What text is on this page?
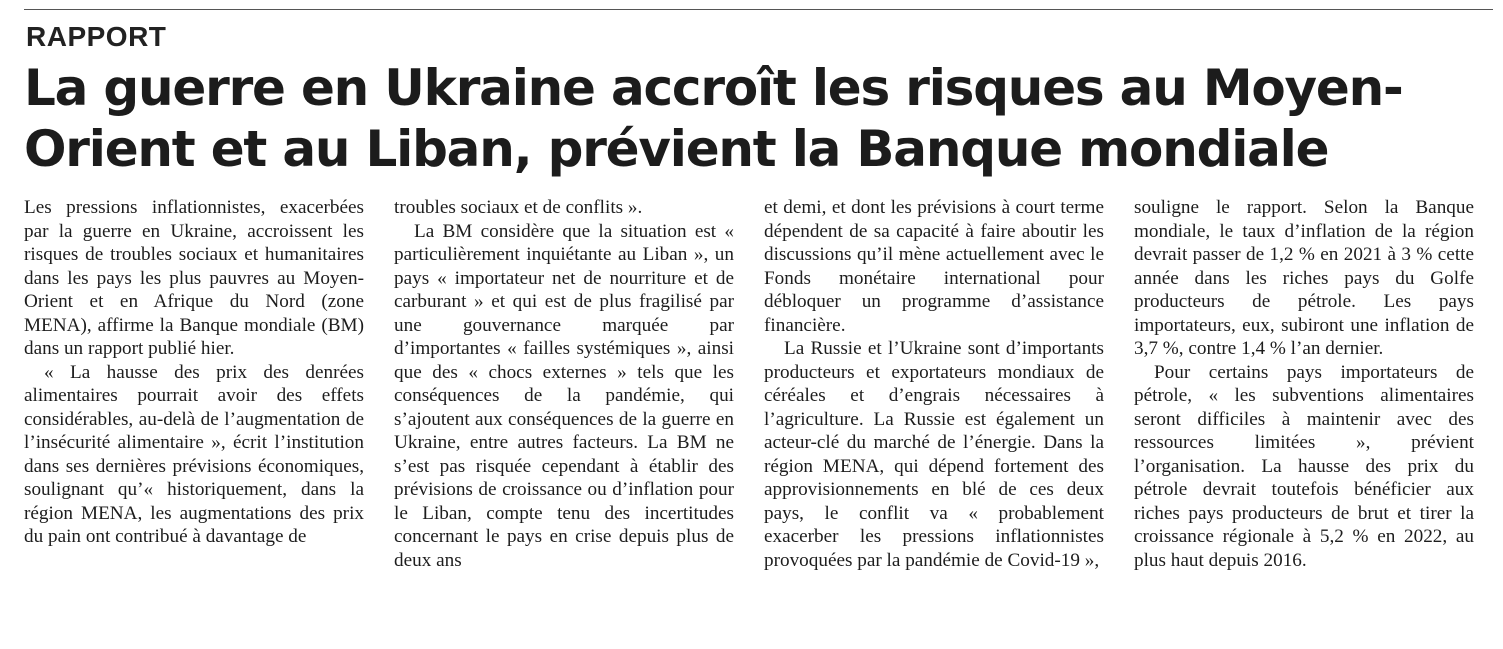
RAPPORT
La guerre en Ukraine accroît les risques au Moyen-Orient et au Liban, prévient la Banque mondiale

Les pressions inflationnistes, exacerbées par la guerre en Ukraine, accroissent les risques de troubles sociaux et humanitaires dans les pays les plus pauvres au Moyen-Orient et en Afrique du Nord (zone MENA), affirme la Banque mondiale (BM) dans un rapport publié hier.

« La hausse des prix des denrées alimentaires pourrait avoir des effets considérables, au-delà de l’augmentation de l’insécurité alimentaire », écrit l’institution dans ses dernières prévisions économiques, soulignant qu’« historiquement, dans la région MENA, les augmentations des prix du pain ont contribué à davantage de

troubles sociaux et de conflits ».

La BM considère que la situation est « particulièrement inquiétante au Liban », un pays « importateur net de nourriture et de carburant » et qui est de plus fragilisé par une gouvernance marquée par d’importantes « failles systémiques », ainsi que des « chocs externes » tels que les conséquences de la pandémie, qui s’ajoutent aux conséquences de la guerre en Ukraine, entre autres facteurs. La BM ne s’est pas risquée cependant à établir des prévisions de croissance ou d’inflation pour le Liban, compte tenu des incertitudes concernant le pays en crise depuis plus de deux ans

et demi, et dont les prévisions à court terme dépendent de sa capacité à faire aboutir les discussions qu’il mène actuellement avec le Fonds monétaire international pour débloquer un programme d’assistance financière.

La Russie et l’Ukraine sont d’importants producteurs et exportateurs mondiaux de céréales et d’engrais nécessaires à l’agriculture. La Russie est également un acteur-clé du marché de l’énergie. Dans la région MENA, qui dépend fortement des approvisionnements en blé de ces deux pays, le conflit va « probablement exacerber les pressions inflationnistes provoquées par la pandémie de Covid-19 »,

souligne le rapport. Selon la Banque mondiale, le taux d’inflation de la région devrait passer de 1,2 % en 2021 à 3 % cette année dans les riches pays du Golfe producteurs de pétrole. Les pays importateurs, eux, subiront une inflation de 3,7 %, contre 1,4 % l’an dernier.

Pour certains pays importateurs de pétrole, « les subventions alimentaires seront difficiles à maintenir avec des ressources limitées », prévient l’organisation. La hausse des prix du pétrole devrait toutefois bénéficier aux riches pays producteurs de brut et tirer la croissance régionale à 5,2 % en 2022, au plus haut depuis 2016.
